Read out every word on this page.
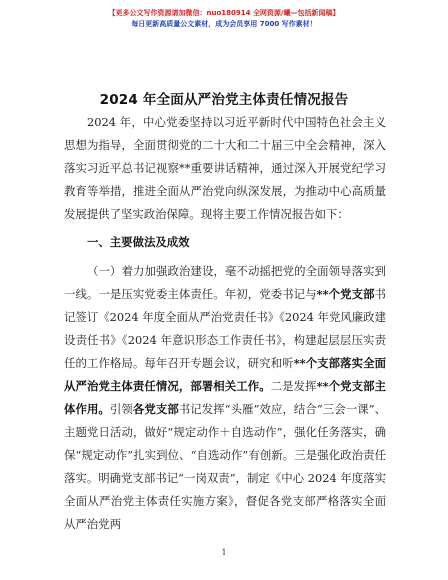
【更多公文写作资源请加微信：nuo180914 全网资源/曦—包括新闻稿】
每日更新高质量公文素材，成为会员享用 7000 写作素材！
2024 年全面从严治党主体责任情况报告
2024 年，中心党委坚持以习近平新时代中国特色社会主义思想为指导，全面贯彻党的二十大和二十届三中全会精神，深入落实习近平总书记视察**重要讲话精神，通过深入开展党纪学习教育等举措，推进全面从严治党向纵深发展，为推动中心高质量发展提供了坚实政治保障。现将主要工作情况报告如下：
一、主要做法及成效
（一）着力加强政治建设，毫不动摇把党的全面领导落实到一线。一是压实党委主体责任。年初，党委书记与**个党支部书记签订《2024 年度全面从严治党责任书》《2024 年党风廉政建设责任书》《2024 年意识形态工作责任书》，构建起层层压实责任的工作格局。每年召开专题会议，研究和听**个支部落实全面从严治党主体责任情况，部署相关工作。二是发挥**个党支部主体作用。引领各党支部书记发挥“头雁”效应，结合“三会一课”、主题党日活动，做好“规定动作＋自选动作”，强化任务落实，确保“规定动作”扎实到位、“自选动作”有创新。三是强化政治责任落实。明确党支部书记“一岗双责”，制定《中心 2024 年度落实全面从严治党主体责任实施方案》，督促各党支部严格落实全面从严治党两
1
